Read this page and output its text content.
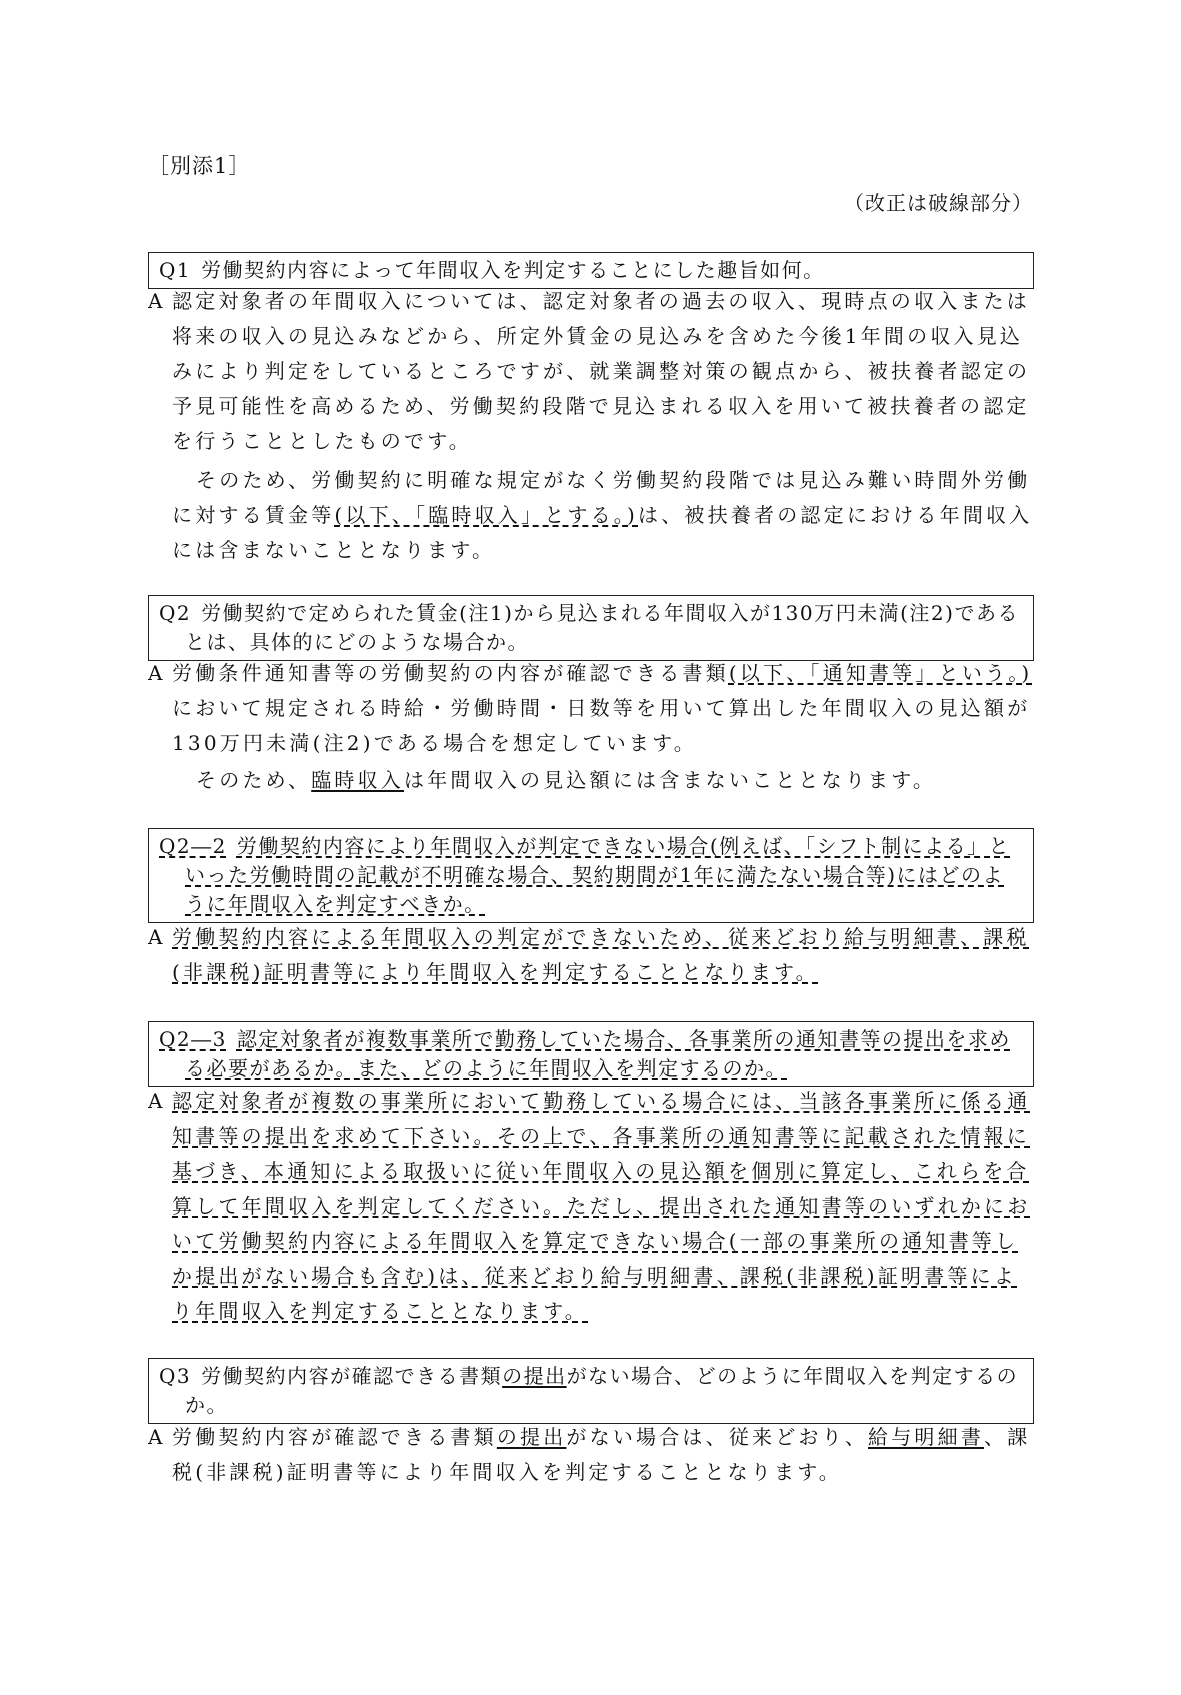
［別添1］
（改正は破線部分）
Q1 労働契約内容によって年間収入を判定することにした趣旨如何。

A 認定対象者の年間収入については、認定対象者の過去の収入、現時点の収入または将来の収入の見込みなどから、所定外賃金の見込みを含めた今後1年間の収入見込みにより判定をしているところですが、就業調整対策の観点から、被扶養者認定の予見可能性を高めるため、労働契約段階で見込まれる収入を用いて被扶養者の認定を行うこととしたものです。

そのため、労働契約に明確な規定がなく労働契約段階では見込み難い時間外労働に対する賃金等(以下、「臨時収入」とする。)は、被扶養者の認定における年間収入には含まないこととなります。

Q2 労働契約で定められた賃金(注1)から見込まれる年間収入が130万円未満(注2)であるとは、具体的にどのような場合か。

A 労働条件通知書等の労働契約の内容が確認できる書類(以下、「通知書等」という。)において規定される時給・労働時間・日数等を用いて算出した年間収入の見込額が130万円未満(注2)である場合を想定しています。

そのため、臨時収入は年間収入の見込額には含まないこととなります。

Q2―2 労働契約内容により年間収入が判定できない場合(例えば、「シフト制による」といった労働時間の記載が不明確な場合、契約期間が1年に満たない場合等)にはどのように年間収入を判定すべきか。

A 労働契約内容による年間収入の判定ができないため、従来どおり給与明細書、課税(非課税)証明書等により年間収入を判定することとなります。

Q2―3 認定対象者が複数事業所で勤務していた場合、各事業所の通知書等の提出を求める必要があるか。また、どのように年間収入を判定するのか。

A 認定対象者が複数の事業所において勤務している場合には、当該各事業所に係る通知書等の提出を求めて下さい。その上で、各事業所の通知書等に記載された情報に基づき、本通知による取扱いに従い年間収入の見込額を個別に算定し、これらを合算して年間収入を判定してください。ただし、提出された通知書等のいずれかにおいて労働契約内容による年間収入を算定できない場合(一部の事業所の通知書等しか提出がない場合も含む)は、従来どおり給与明細書、課税(非課税)証明書等により年間収入を判定することとなります。

Q3 労働契約内容が確認できる書類の提出がない場合、どのように年間収入を判定するのか。

A 労働契約内容が確認できる書類の提出がない場合は、従来どおり、給与明細書、課税(非課税)証明書等により年間収入を判定することとなります。
